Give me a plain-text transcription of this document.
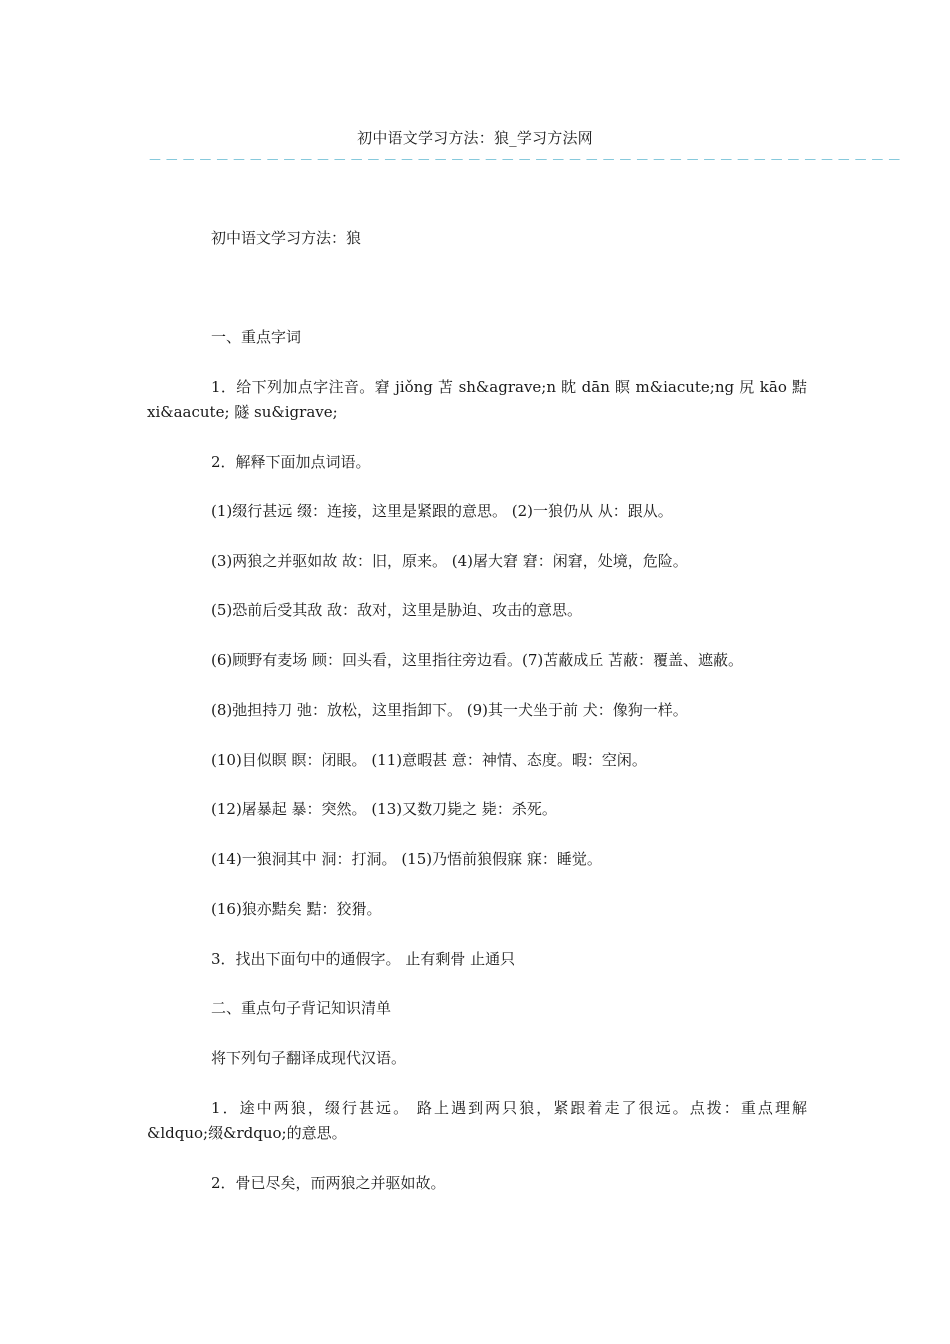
初中语文学习方法：狼_学习方法网
－－－－－－－－－－－－－－－－－－－－－－－－－－－－－－－－－－－－－－－－－－－－－
初中语文学习方法：狼
一、重点字词
1．给下列加点字注音。窘 jiǒng 苫 sh&agrave;n 眈 dān 瞑 m&iacute;ng 尻 kāo 黠
xi&aacute; 隧 su&igrave;
2．解释下面加点词语。
(1)缀行甚远 缀：连接，这里是紧跟的意思。 (2)一狼仍从 从：跟从。
(3)两狼之并驱如故 故：旧，原来。 (4)屠大窘 窘：闲窘，处境，危险。
(5)恐前后受其敌 敌：敌对，这里是胁迫、攻击的意思。
(6)顾野有麦场 顾：回头看，这里指往旁边看。(7)苫蔽成丘 苫蔽：覆盖、遮蔽。
(8)弛担持刀 弛：放松，这里指卸下。 (9)其一犬坐于前 犬：像狗一样。
(10)目似瞑 瞑：闭眼。 (11)意暇甚 意：神情、态度。暇：空闲。
(12)屠暴起 暴：突然。 (13)又数刀毙之 毙：杀死。
(14)一狼洞其中 洞：打洞。 (15)乃悟前狼假寐 寐：睡觉。
(16)狼亦黠矣 黠：狡猾。
3．找出下面句中的通假字。 止有剩骨 止通只
二、重点句子背记知识清单
将下列句子翻译成现代汉语。
1．途中两狼，缀行甚远。 路上遇到两只狼，紧跟着走了很远。点拨：重点理解
&ldquo;缀&rdquo;的意思。
2．骨已尽矣，而两狼之并驱如故。
